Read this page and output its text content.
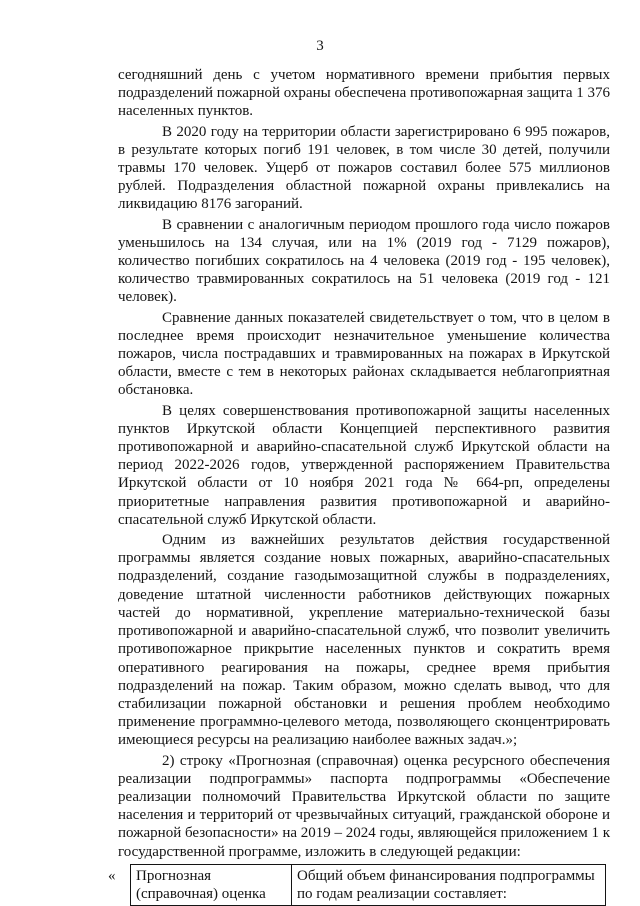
3

сегодняшний день с учетом нормативного времени прибытия первых подразделений пожарной охраны обеспечена противопожарная защита 1 376 населенных пунктов.

В 2020 году на территории области зарегистрировано 6 995 пожаров, в результате которых погиб 191 человек, в том числе 30 детей, получили травмы 170 человек. Ущерб от пожаров составил более 575 миллионов рублей. Подразделения областной пожарной охраны привлекались на ликвидацию 8176 загораний.

В сравнении с аналогичным периодом прошлого года число пожаров уменьшилось на 134 случая, или на 1% (2019 год - 7129 пожаров), количество погибших сократилось на 4 человека (2019 год - 195 человек), количество травмированных сократилось на 51 человека (2019 год - 121 человек).

Сравнение данных показателей свидетельствует о том, что в целом в последнее время происходит незначительное уменьшение количества пожаров, числа пострадавших и травмированных на пожарах в Иркутской области, вместе с тем в некоторых районах складывается неблагоприятная обстановка.

В целях совершенствования противопожарной защиты населенных пунктов Иркутской области Концепцией перспективного развития противопожарной и аварийно-спасательной служб Иркутской области на период 2022-2026 годов, утвержденной распоряжением Правительства Иркутской области от 10 ноября 2021 года № 664-рп, определены приоритетные направления развития противопожарной и аварийно-спасательной служб Иркутской области.

Одним из важнейших результатов действия государственной программы является создание новых пожарных, аварийно-спасательных подразделений, создание газодымозащитной службы в подразделениях, доведение штатной численности работников действующих пожарных частей до нормативной, укрепление материально-технической базы противопожарной и аварийно-спасательной служб, что позволит увеличить противопожарное прикрытие населенных пунктов и сократить время оперативного реагирования на пожары, среднее время прибытия подразделений на пожар. Таким образом, можно сделать вывод, что для стабилизации пожарной обстановки и решения проблем необходимо применение программно-целевого метода, позволяющего сконцентрировать имеющиеся ресурсы на реализацию наиболее важных задач.»;

2) строку «Прогнозная (справочная) оценка ресурсного обеспечения реализации подпрограммы» паспорта подпрограммы «Обеспечение реализации полномочий Правительства Иркутской области по защите населения и территорий от чрезвычайных ситуаций, гражданской обороне и пожарной безопасности» на 2019 – 2024 годы, являющейся приложением 1 к государственной программе, изложить в следующей редакции:

« Прогнозная (справочная) оценка	Общий объем финансирования подпрограммы по годам реализации составляет:
